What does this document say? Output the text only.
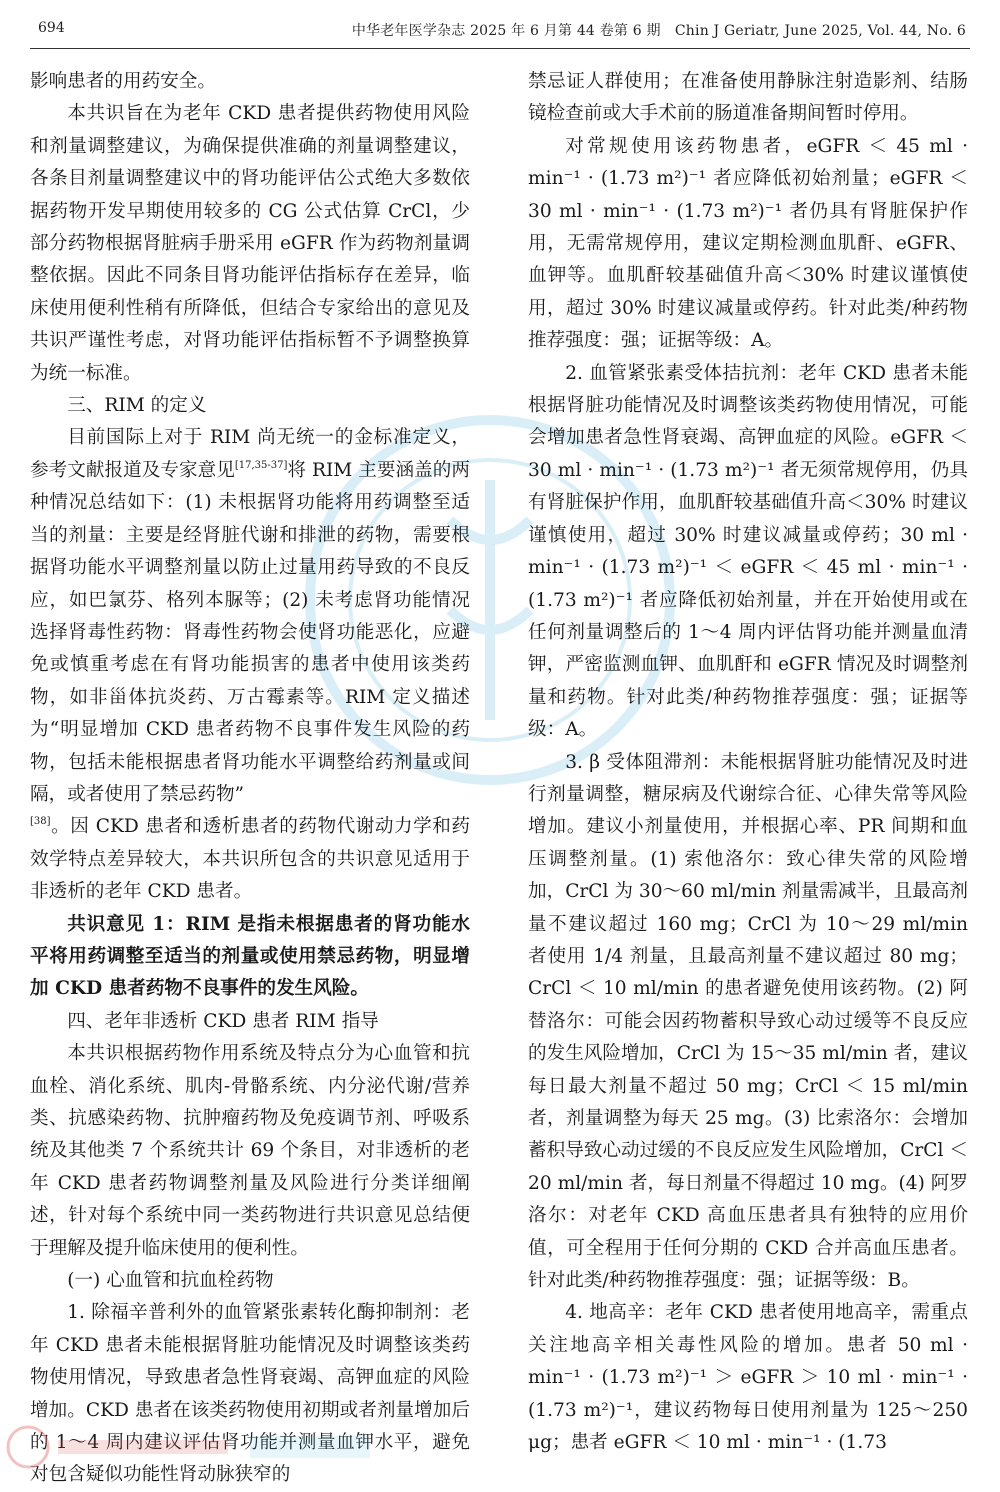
694	中华老年医学杂志 2025 年 6 月第 44 卷第 6 期　Chin J Geriatr, June 2025, Vol. 44, No. 6

影响患者的用药安全。

本共识旨在为老年 CKD 患者提供药物使用风险和剂量调整建议，为确保提供准确的剂量调整建议，各条目剂量调整建议中的肾功能评估公式绝大多数依据药物开发早期使用较多的 CG 公式估算 CrCl，少部分药物根据肾脏病手册采用 eGFR 作为药物剂量调整依据。因此不同条目肾功能评估指标存在差异，临床使用便利性稍有所降低，但结合专家给出的意见及共识严谨性考虑，对肾功能评估指标暂不予调整换算为统一标准。

三、RIM 的定义

目前国际上对于 RIM 尚无统一的金标准定义，参考文献报道及专家意见[17,35-37]将 RIM 主要涵盖的两种情况总结如下：(1) 未根据肾功能将用药调整至适当的剂量：主要是经肾脏代谢和排泄的药物，需要根据肾功能水平调整剂量以防止过量用药导致的不良反应，如巴氯芬、格列本脲等；(2) 未考虑肾功能情况选择肾毒性药物：肾毒性药物会使肾功能恶化，应避免或慎重考虑在有肾功能损害的患者中使用该类药物，如非甾体抗炎药、万古霉素等。RIM 定义描述为“明显增加 CKD 患者药物不良事件发生风险的药物，包括未能根据患者肾功能水平调整给药剂量或间隔，或者使用了禁忌药物”

[38]。因 CKD 患者和透析患者的药物代谢动力学和药效学特点差异较大，本共识所包含的共识意见适用于非透析的老年 CKD 患者。

共识意见 1：RIM 是指未根据患者的肾功能水平将用药调整至适当的剂量或使用禁忌药物，明显增加 CKD 患者药物不良事件的发生风险。

四、老年非透析 CKD 患者 RIM 指导

本共识根据药物作用系统及特点分为心血管和抗血栓、消化系统、肌肉-骨骼系统、内分泌代谢/营养类、抗感染药物、抗肿瘤药物及免疫调节剂、呼吸系统及其他类 7 个系统共计 69 个条目，对非透析的老年 CKD 患者药物调整剂量及风险进行分类详细阐述，针对每个系统中同一类药物进行共识意见总结便于理解及提升临床使用的便利性。

(一) 心血管和抗血栓药物

1. 除福辛普利外的血管紧张素转化酶抑制剂：老年 CKD 患者未能根据肾脏功能情况及时调整该类药物使用情况，导致患者急性肾衰竭、高钾血症的风险增加。CKD 患者在该类药物使用初期或者剂量增加后的 1～4 周内建议评估肾功能并测量血钾水平，避免对包含疑似功能性肾动脉狭窄的

禁忌证人群使用；在准备使用静脉注射造影剂、结肠镜检查前或大手术前的肠道准备期间暂时停用。

对常规使用该药物患者，eGFR ＜ 45 ml · min⁻¹ · (1.73 m²)⁻¹ 者应降低初始剂量；eGFR ＜ 30 ml · min⁻¹ · (1.73 m²)⁻¹ 者仍具有肾脏保护作用，无需常规停用，建议定期检测血肌酐、eGFR、血钾等。血肌酐较基础值升高＜30% 时建议谨慎使用，超过 30% 时建议减量或停药。针对此类/种药物推荐强度：强；证据等级：A。

2. 血管紧张素受体拮抗剂：老年 CKD 患者未能根据肾脏功能情况及时调整该类药物使用情况，可能会增加患者急性肾衰竭、高钾血症的风险。eGFR ＜ 30 ml · min⁻¹ · (1.73 m²)⁻¹ 者无须常规停用，仍具有肾脏保护作用，血肌酐较基础值升高＜30% 时建议谨慎使用，超过 30% 时建议减量或停药；30 ml · min⁻¹ · (1.73 m²)⁻¹ ＜ eGFR ＜ 45 ml · min⁻¹ · (1.73 m²)⁻¹ 者应降低初始剂量，并在开始使用或在任何剂量调整后的 1～4 周内评估肾功能并测量血清钾，严密监测血钾、血肌酐和 eGFR 情况及时调整剂量和药物。针对此类/种药物推荐强度：强；证据等级：A。

3. β 受体阻滞剂：未能根据肾脏功能情况及时进行剂量调整，糖尿病及代谢综合征、心律失常等风险增加。建议小剂量使用，并根据心率、PR 间期和血压调整剂量。(1) 索他洛尔：致心律失常的风险增加，CrCl 为 30～60 ml/min 剂量需减半，且最高剂量不建议超过 160 mg；CrCl 为 10～29 ml/min 者使用 1/4 剂量，且最高剂量不建议超过 80 mg；CrCl ＜ 10 ml/min 的患者避免使用该药物。(2) 阿替洛尔：可能会因药物蓄积导致心动过缓等不良反应的发生风险增加，CrCl 为 15～35 ml/min 者，建议每日最大剂量不超过 50 mg；CrCl ＜ 15 ml/min 者，剂量调整为每天 25 mg。(3) 比索洛尔：会增加蓄积导致心动过缓的不良反应发生风险增加，CrCl ＜ 20 ml/min 者，每日剂量不得超过 10 mg。(4) 阿罗洛尔：对老年 CKD 高血压患者具有独特的应用价值，可全程用于任何分期的 CKD 合并高血压患者。针对此类/种药物推荐强度：强；证据等级：B。

4. 地高辛：老年 CKD 患者使用地高辛，需重点关注地高辛相关毒性风险的增加。患者 50 ml · min⁻¹ · (1.73 m²)⁻¹ ＞ eGFR ＞ 10 ml · min⁻¹ · (1.73 m²)⁻¹，建议药物每日使用剂量为 125～250 μg；患者 eGFR ＜ 10 ml · min⁻¹ · (1.73
